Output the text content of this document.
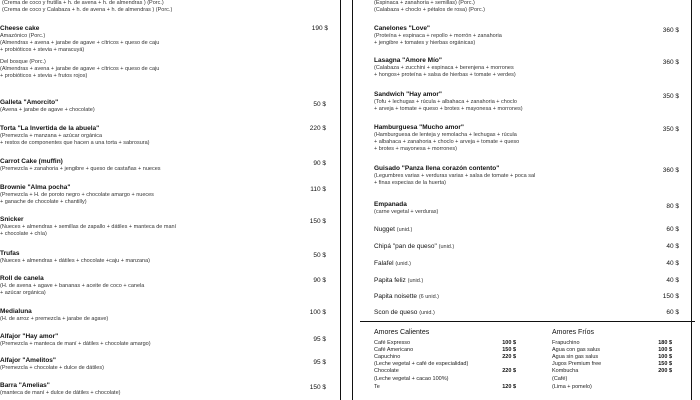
(Crema de coco y frutilla + h. de avena + h. de almendras ) (Porc.)
(Crema de coco y Calabaza + h. de avena + h. de almendras ) (Porc.)
Cheese cake	190 $
Amazónico (Porc.)
(Almendras + avena + jarabe de agave + cítricos + queso de caju
+ probióticos + stevia + maracuyá)
Del bosque (Porc.)
(Almendras + avena + jarabe de agave + cítricos + queso de caju
+ probióticos + stevia + frutos rojos)
Galleta "Amorcito"	50 $
(Avena + jarabe de agave + chocolate)
Torta "La Invertida de la abuela"	220 $
(Premezcla + manzana + azúcar orgánica
+ restos de componentes que hacen a una torta + sabrosura)
Carrot Cake (muffin)	90 $
(Premezcla + zanahoria + jengibre + queso de castañas + nueces
Brownie "Alma pocha"	110 $
(Premezcla + H. de poroto negro + chocolate amargo + nueces
+ ganache de chocolate + chantilly)
Snicker	150 $
(Nueces + almendras + semillas de zapallo + dátiles + manteca de maní
+ chocolate + chía)
Trufas	50 $
(Nueces + almendras + dátiles + chocolate +caju + manzana)
Roll de canela	90 $
(H. de avena + agave + bananas + aceite de coco + canela
+ azúcar orgánica)
Medialuna	100 $
(H. de arroz + premezcla + jarabe de agave)
Alfajor "Hay amor"	95 $
(Premezcla + manteca de maní + dátiles + chocolate amargo)
Alfajor "Amelitos"	95 $
(Premezcla + chocolate + dulce de dátiles)
Barra "Amelias"	150 $
(manteca de maní + dulce de dátiles + chocolate)
(Espinaca + zanahoria + semillas) (Porc.)
(Calabaza + choclo + pétalos de rosa) (Porc.)
Canelones "Love"	360 $
(Proteína + espinaca + repollo + morrón + zanahoria
+ jengibre + tomates y hierbas orgánicas)
Lasagna "Amore Mío"	360 $
(Calabaza + zucchini + espinaca + berenjena + morrones
+ hongos+ proteína + salsa de hierbas + tomate + verdes)
Sandwich "Hay amor"	350 $
(Tofu + lechugas + rúcula + albahaca + zanahoria + choclo
+ arveja + tomate + queso + brotes + mayonesa + morrones)
Hamburguesa "Mucho amor"	350 $
(Hamburguesa de lenteja y remolacha + lechugas + rúcula
+ albahaca + zanahoria + choclo + arveja + tomate + queso
+ brotes + mayonesa + morrones)
Guisado "Panza llena corazón contento"	360 $
(Legumbres varias + verduras varias + salsa de tomate + poca sal
+ finas especias de la huerta)
Empanada	80 $
(carne vegetal + verduras)
Nugget (unid.)	60 $
Chipá "pan de queso" (unid.)	40 $
Falafel (unid.)	40 $
Papita feliz (unid.)	40 $
Papita noisette (6 unid.)	150 $
Scon de queso (unid.)	60 $
Amores Calientes
Café Expresso	100 $
Café Americano	150 $
Capuchino	220 $
(Leche vegetal + café de especialidad)
Chocolate	220 $
(Leche vegetal + cacao 100%)
Te	120 $
Amores Fríos
Frapuchino	180 $
Agua con gas salus	100 $
Agua sin gas salus	100 $
Jugos Premium free	150 $
Kombucha	200 $
(Café)
(Lima + pomelo)
